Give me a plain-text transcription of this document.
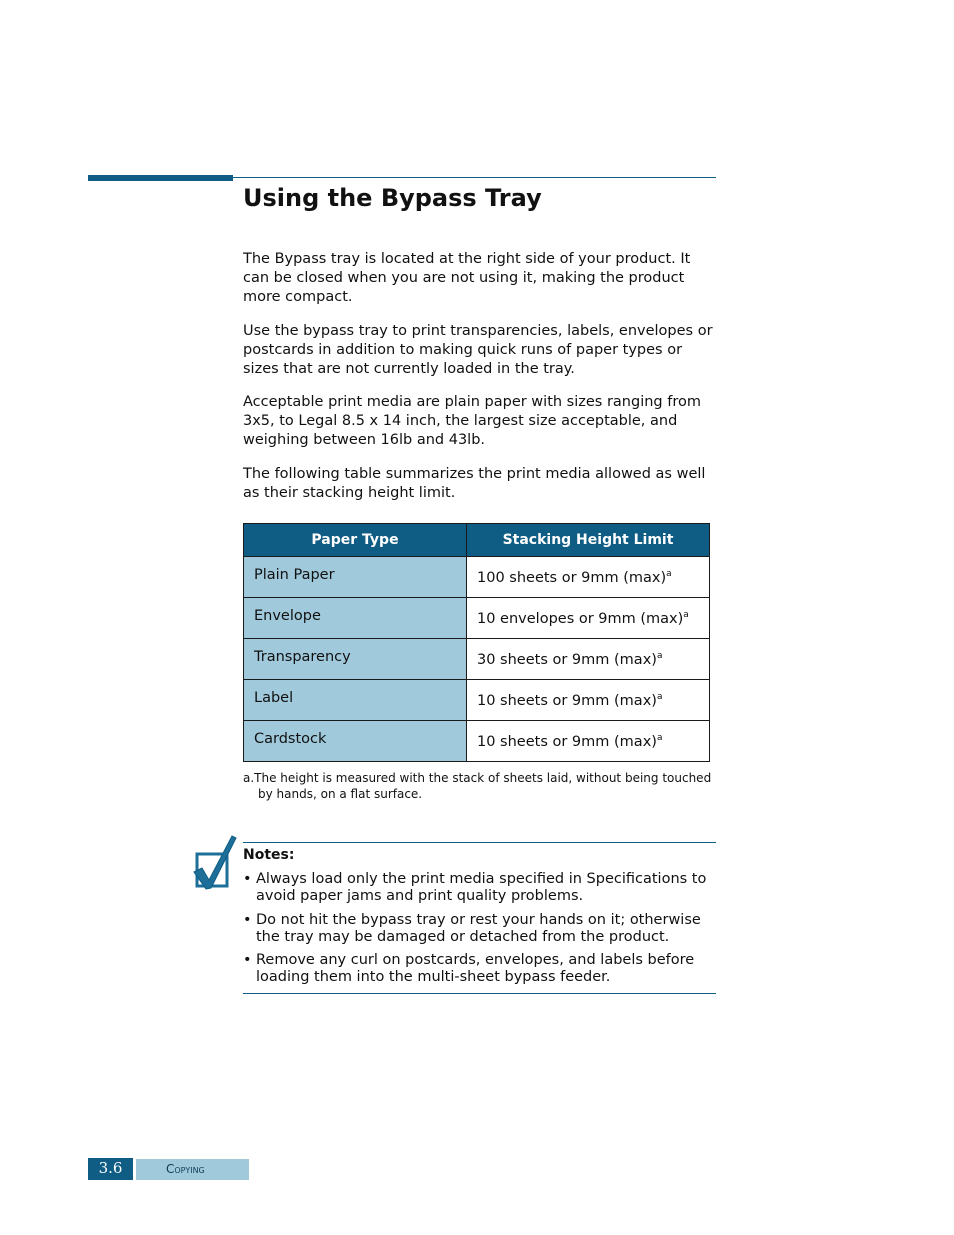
Using the Bypass Tray

The Bypass tray is located at the right side of your product. It can be closed when you are not using it, making the product more compact.

Use the bypass tray to print transparencies, labels, envelopes or postcards in addition to making quick runs of paper types or sizes that are not currently loaded in the tray.

Acceptable print media are plain paper with sizes ranging from 3x5, to Legal 8.5 x 14 inch, the largest size acceptable, and weighing between 16lb and 43lb.

The following table summarizes the print media allowed as well as their stacking height limit.

Paper Type	Stacking Height Limit
Plain Paper	100 sheets or 9mm (max)$^a$
Envelope	10 envelopes or 9mm (max)$^a$
Transparency	30 sheets or 9mm (max)$^a$
Label	10 sheets or 9mm (max)$^a$
Cardstock	10 sheets or 9mm (max)$^a$

a.The height is measured with the stack of sheets laid, without being touched
by hands, on a flat surface.

Notes:

• Always load only the print media specified in Specifications to avoid paper jams and print quality problems.
• Do not hit the bypass tray or rest your hands on it; otherwise the tray may be damaged or detached from the product.
• Remove any curl on postcards, envelopes, and labels before loading them into the multi-sheet bypass feeder.
3.6	Copying
